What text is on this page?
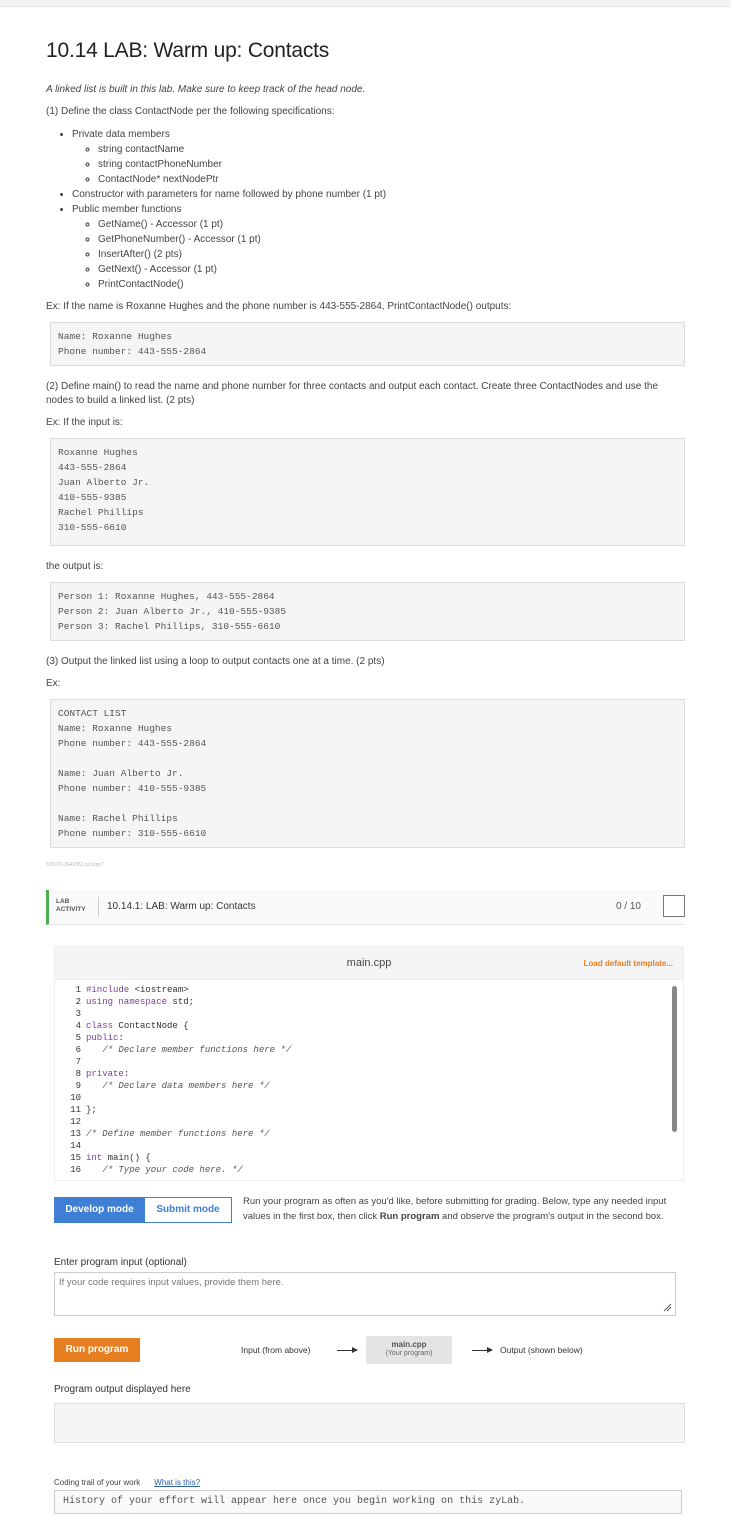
10.14 LAB: Warm up: Contacts

A linked list is built in this lab. Make sure to keep track of the head node.

(1) Define the class ContactNode per the following specifications:

• Private data members
◦ string contactName
◦ string contactPhoneNumber
◦ ContactNode* nextNodePtr
• Constructor with parameters for name followed by phone number (1 pt)
• Public member functions
◦ GetName() - Accessor (1 pt)
◦ GetPhoneNumber() - Accessor (1 pt)
◦ InsertAfter() (2 pts)
◦ GetNext() - Accessor (1 pt)
◦ PrintContactNode()

Ex: If the name is Roxanne Hughes and the phone number is 443-555-2864, PrintContactNode() outputs:

Name: Roxanne Hughes
Phone number: 443-555-2864

(2) Define main() to read the name and phone number for three contacts and output each contact. Create three ContactNodes and use the nodes to build a linked list. (2 pts)

Ex: If the input is:

Roxanne Hughes
443-555-2864
Juan Alberto Jr.
410-555-9385
Rachel Phillips
310-555-6610

the output is:

Person 1: Roxanne Hughes, 443-555-2864
Person 2: Juan Alberto Jr., 410-555-9385
Person 3: Rachel Phillips, 310-555-6610

(3) Output the linked list using a loop to output contacts one at a time. (2 pts)

Ex:

CONTACT LIST
Name: Roxanne Hughes
Phone number: 443-555-2864

Name: Juan Alberto Jr.
Phone number: 410-555-9385

Name: Rachel Phillips
Phone number: 310-555-6610
523070.2649352.qx3zqy7
LAB
ACTIVITY 10.14.1: LAB: Warm up: Contacts	0 / 10
main.cpp	Load default template...
1
2
3
4
5
6
7
8
9
10
11
12
13
14
15
16
#include <iostream>
using namespace std;

class ContactNode {
public:
/* Declare member functions here */

private:
/* Declare data members here */

};

/* Define member functions here */

int main() {
/* Type your code here. */
Develop mode	Submit mode
Run your program as often as you'd like, before submitting for grading. Below, type any needed input values in the first box, then click Run program and observe the program's output in the second box.
Enter program input (optional)
If your code requires input values, provide them here.
Run program	Input (from above)
main.cpp
(Your program)	Output (shown below)
Program output displayed here
Coding trail of your work What is this?
History of your effort will appear here once you begin working on this zyLab.
